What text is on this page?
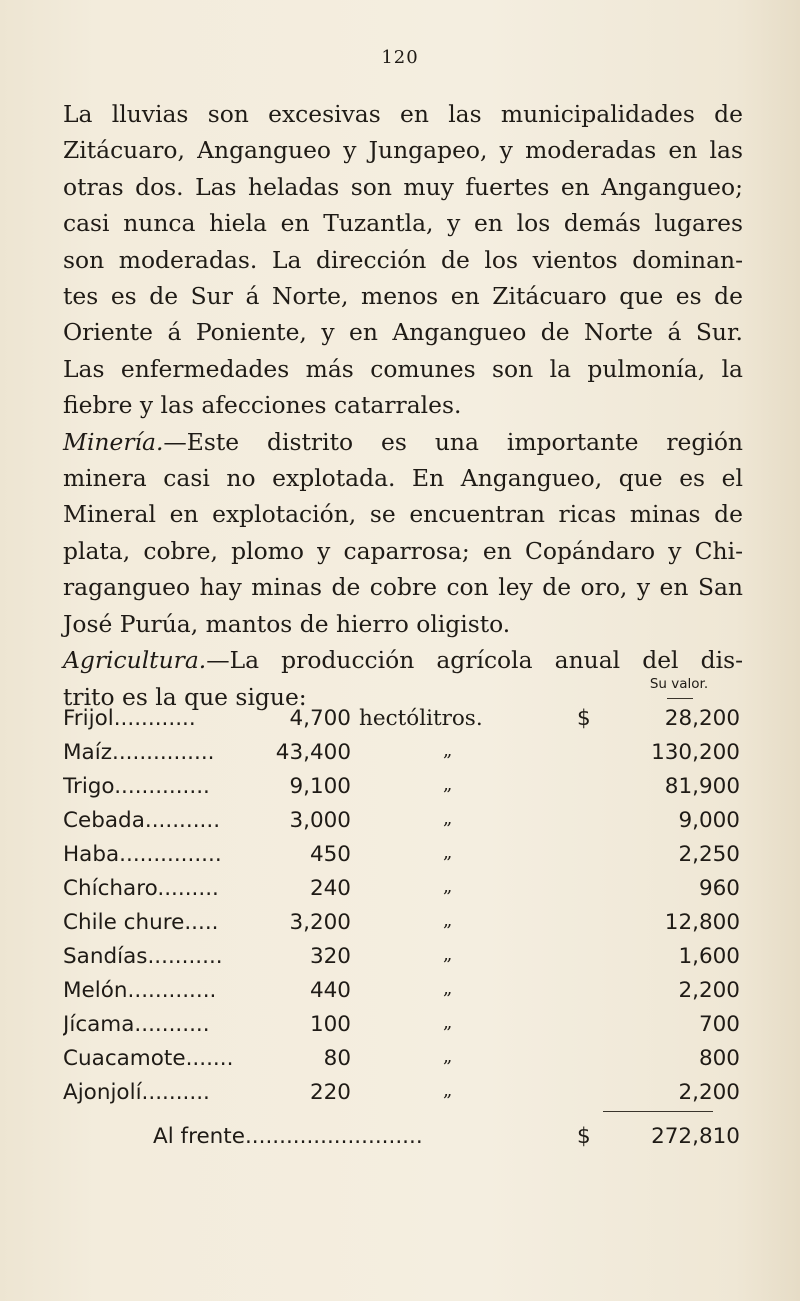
120
La lluvias son excesivas en las municipalidades de
Zitácuaro, Angangueo y Jungapeo, y moderadas en las
otras dos. Las heladas son muy fuertes en Angangueo;
casi nunca hiela en Tuzantla, y en los demás lugares
son moderadas. La dirección de los vientos dominan-
tes es de Sur á Norte, menos en Zitácuaro que es de
Oriente á Poniente, y en Angangueo de Norte á Sur.
Las enfermedades más comunes son la pulmonía, la
fiebre y las afecciones catarrales.
Minería.—Este distrito es una importante región
minera casi no explotada. En Angangueo, que es el
Mineral en explotación, se encuentran ricas minas de
plata, cobre, plomo y caparrosa; en Copándaro y Chi-
ragangueo hay minas de cobre con ley de oro, y en San
José Purúa, mantos de hierro oligisto.
Agricultura.—La producción agrícola anual del dis-
trito es la que sigue:	Su valor.
Frijol............	4,700 hectólitros.	$	28,200
Maíz...............	43,400	„	130,200
Trigo..............	9,100	„	81,900
Cebada...........	3,000	„	9,000
Haba...............	450	„	2,250
Chícharo.........	240	„	960
Chile chure.....	3,200	„	12,800
Sandías...........	320	„	1,600
Melón.............	440	„	2,200
Jícama...........	100	„	700
Cuacamote.......	80	„	800
Ajonjolí..........	220	„	2,200
Al frente..........................	$	272,810
